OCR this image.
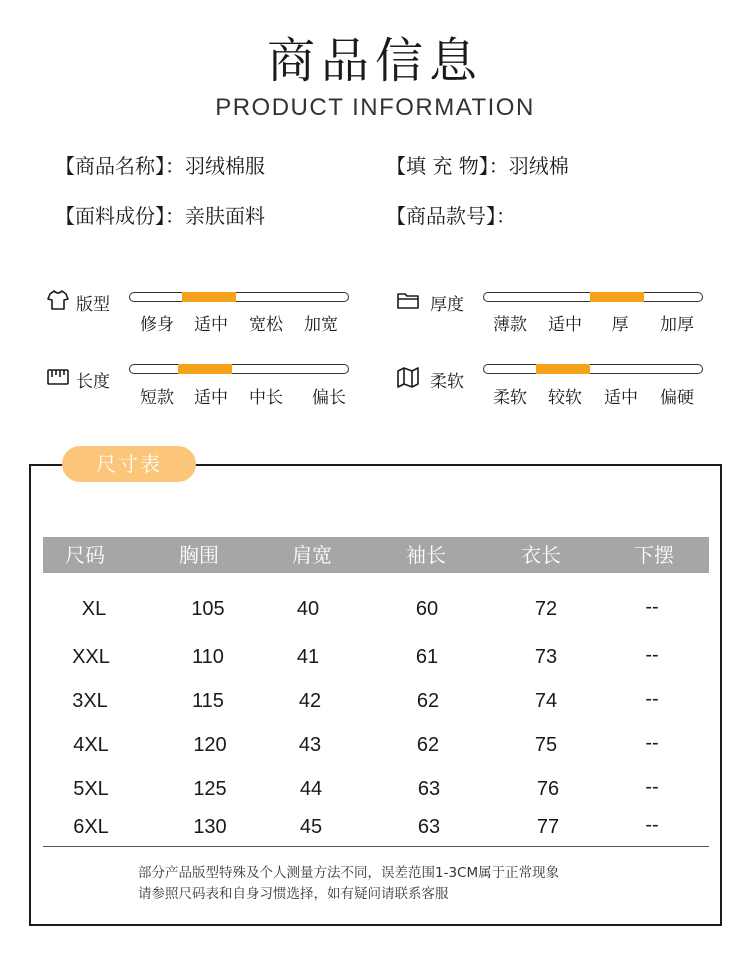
商品信息
PRODUCT INFORMATION
【商品名称】：羽绒棉服	【填 充 物】：羽绒棉
【面料成份】：亲肤面料	【商品款号】：
版型
修身	适中	宽松	加宽
厚度
薄款	适中	厚	加厚
长度
短款	适中	中长	偏长
柔软
柔软	较软	适中	偏硬
尺寸表
尺码	胸围	肩宽	袖长	衣长	下摆
XL	105	40	60	72	--
XXL	110	41	61	73	--
3XL	115	42	62	74	--
4XL	120	43	62	75	--
5XL	125	44	63	76	--
6XL	130	45	63	77	--
部分产品版型特殊及个人测量方法不同，误差范围1-3CM属于正常现象
请参照尺码表和自身习惯选择，如有疑问请联系客服
